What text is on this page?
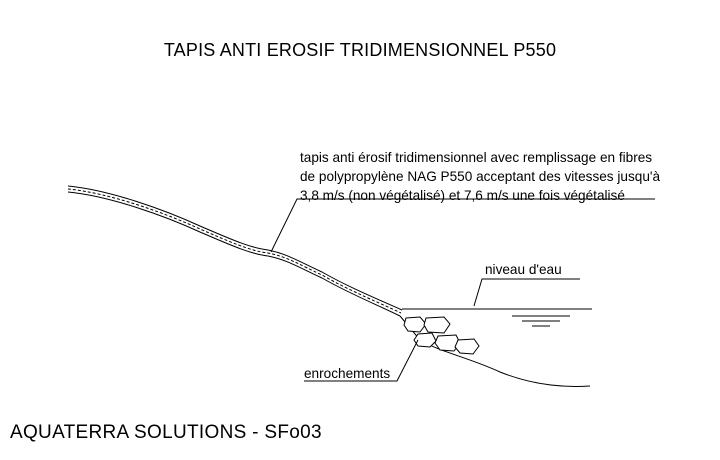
TAPIS ANTI EROSIF TRIDIMENSIONNEL P550
tapis anti érosif tridimensionnel avec remplissage en fibres
de polypropylène NAG P550 acceptant des vitesses jusqu'à
3,8 m/s (non végétalisé) et 7,6 m/s une fois végétalisé
niveau d'eau
enrochements
AQUATERRA SOLUTIONS - SFo03
